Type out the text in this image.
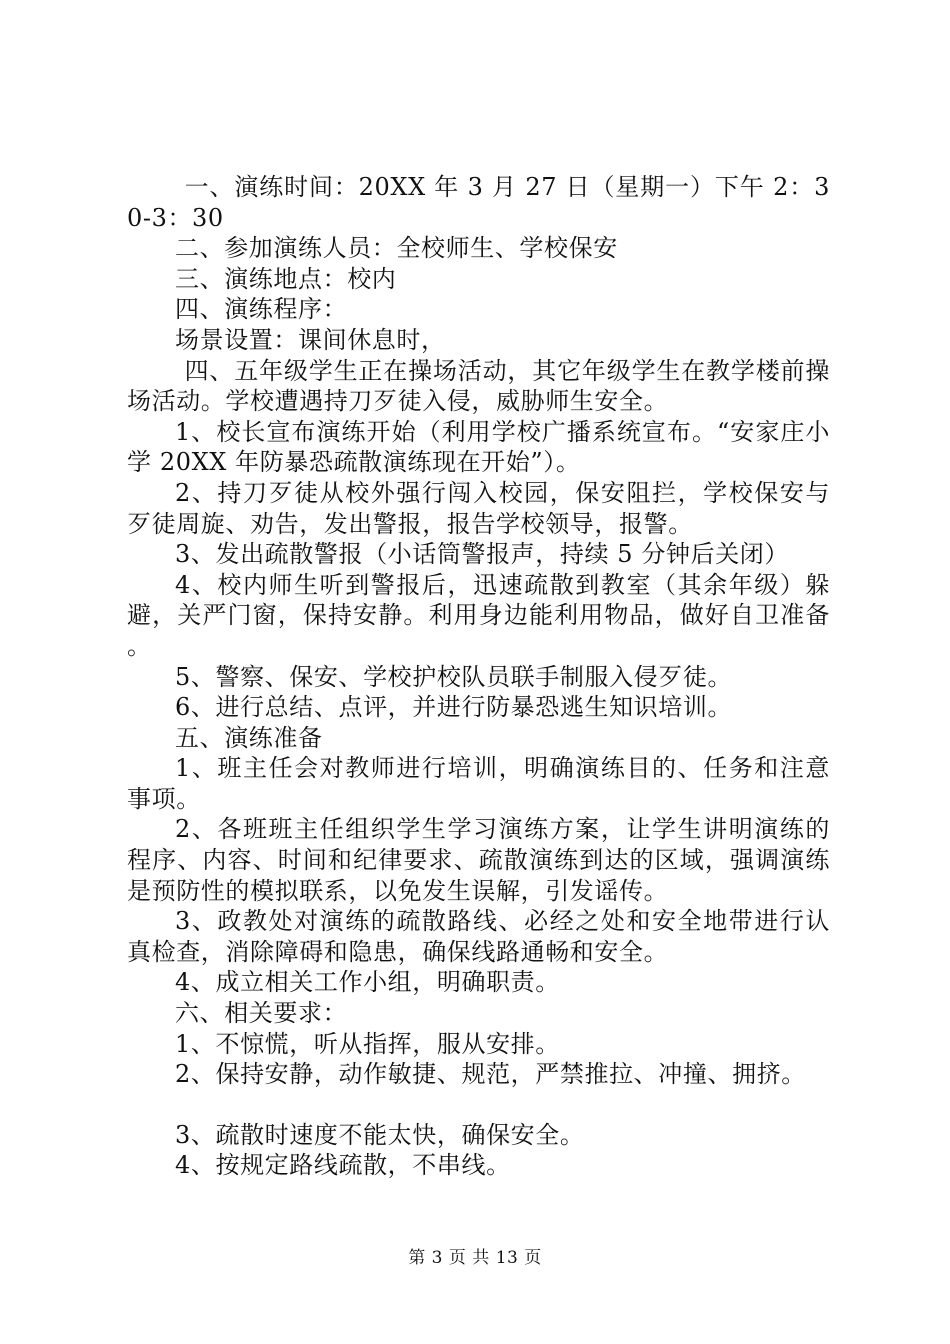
一、演练时间：20XX 年 3 月 27 日（星期一）下午 2：30-3：30

二、参加演练人员：全校师生、学校保安

三、演练地点：校内

四、演练程序：

场景设置：课间休息时，

四、五年级学生正在操场活动，其它年级学生在教学楼前操场活动。学校遭遇持刀歹徒入侵，威胁师生安全。

1、校长宣布演练开始（利用学校广播系统宣布。“安家庄小学 20XX 年防暴恐疏散演练现在开始”）。

2、持刀歹徒从校外强行闯入校园，保安阻拦，学校保安与歹徒周旋、劝告，发出警报，报告学校领导，报警。

3、发出疏散警报（小话筒警报声，持续 5 分钟后关闭）

4、校内师生听到警报后，迅速疏散到教室（其余年级）躲避，关严门窗，保持安静。利用身边能利用物品，做好自卫准备。

5、警察、保安、学校护校队员联手制服入侵歹徒。

6、进行总结、点评，并进行防暴恐逃生知识培训。

五、演练准备

1、班主任会对教师进行培训，明确演练目的、任务和注意事项。

2、各班班主任组织学生学习演练方案，让学生讲明演练的程序、内容、时间和纪律要求、疏散演练到达的区域，强调演练是预防性的模拟联系，以免发生误解，引发谣传。

3、政教处对演练的疏散路线、必经之处和安全地带进行认真检查，消除障碍和隐患，确保线路通畅和安全。

4、成立相关工作小组，明确职责。

六、相关要求：

1、不惊慌，听从指挥，服从安排。

2、保持安静，动作敏捷、规范，严禁推拉、冲撞、拥挤。

3、疏散时速度不能太快，确保安全。

4、按规定路线疏散，不串线。

第 3 页 共 13 页
